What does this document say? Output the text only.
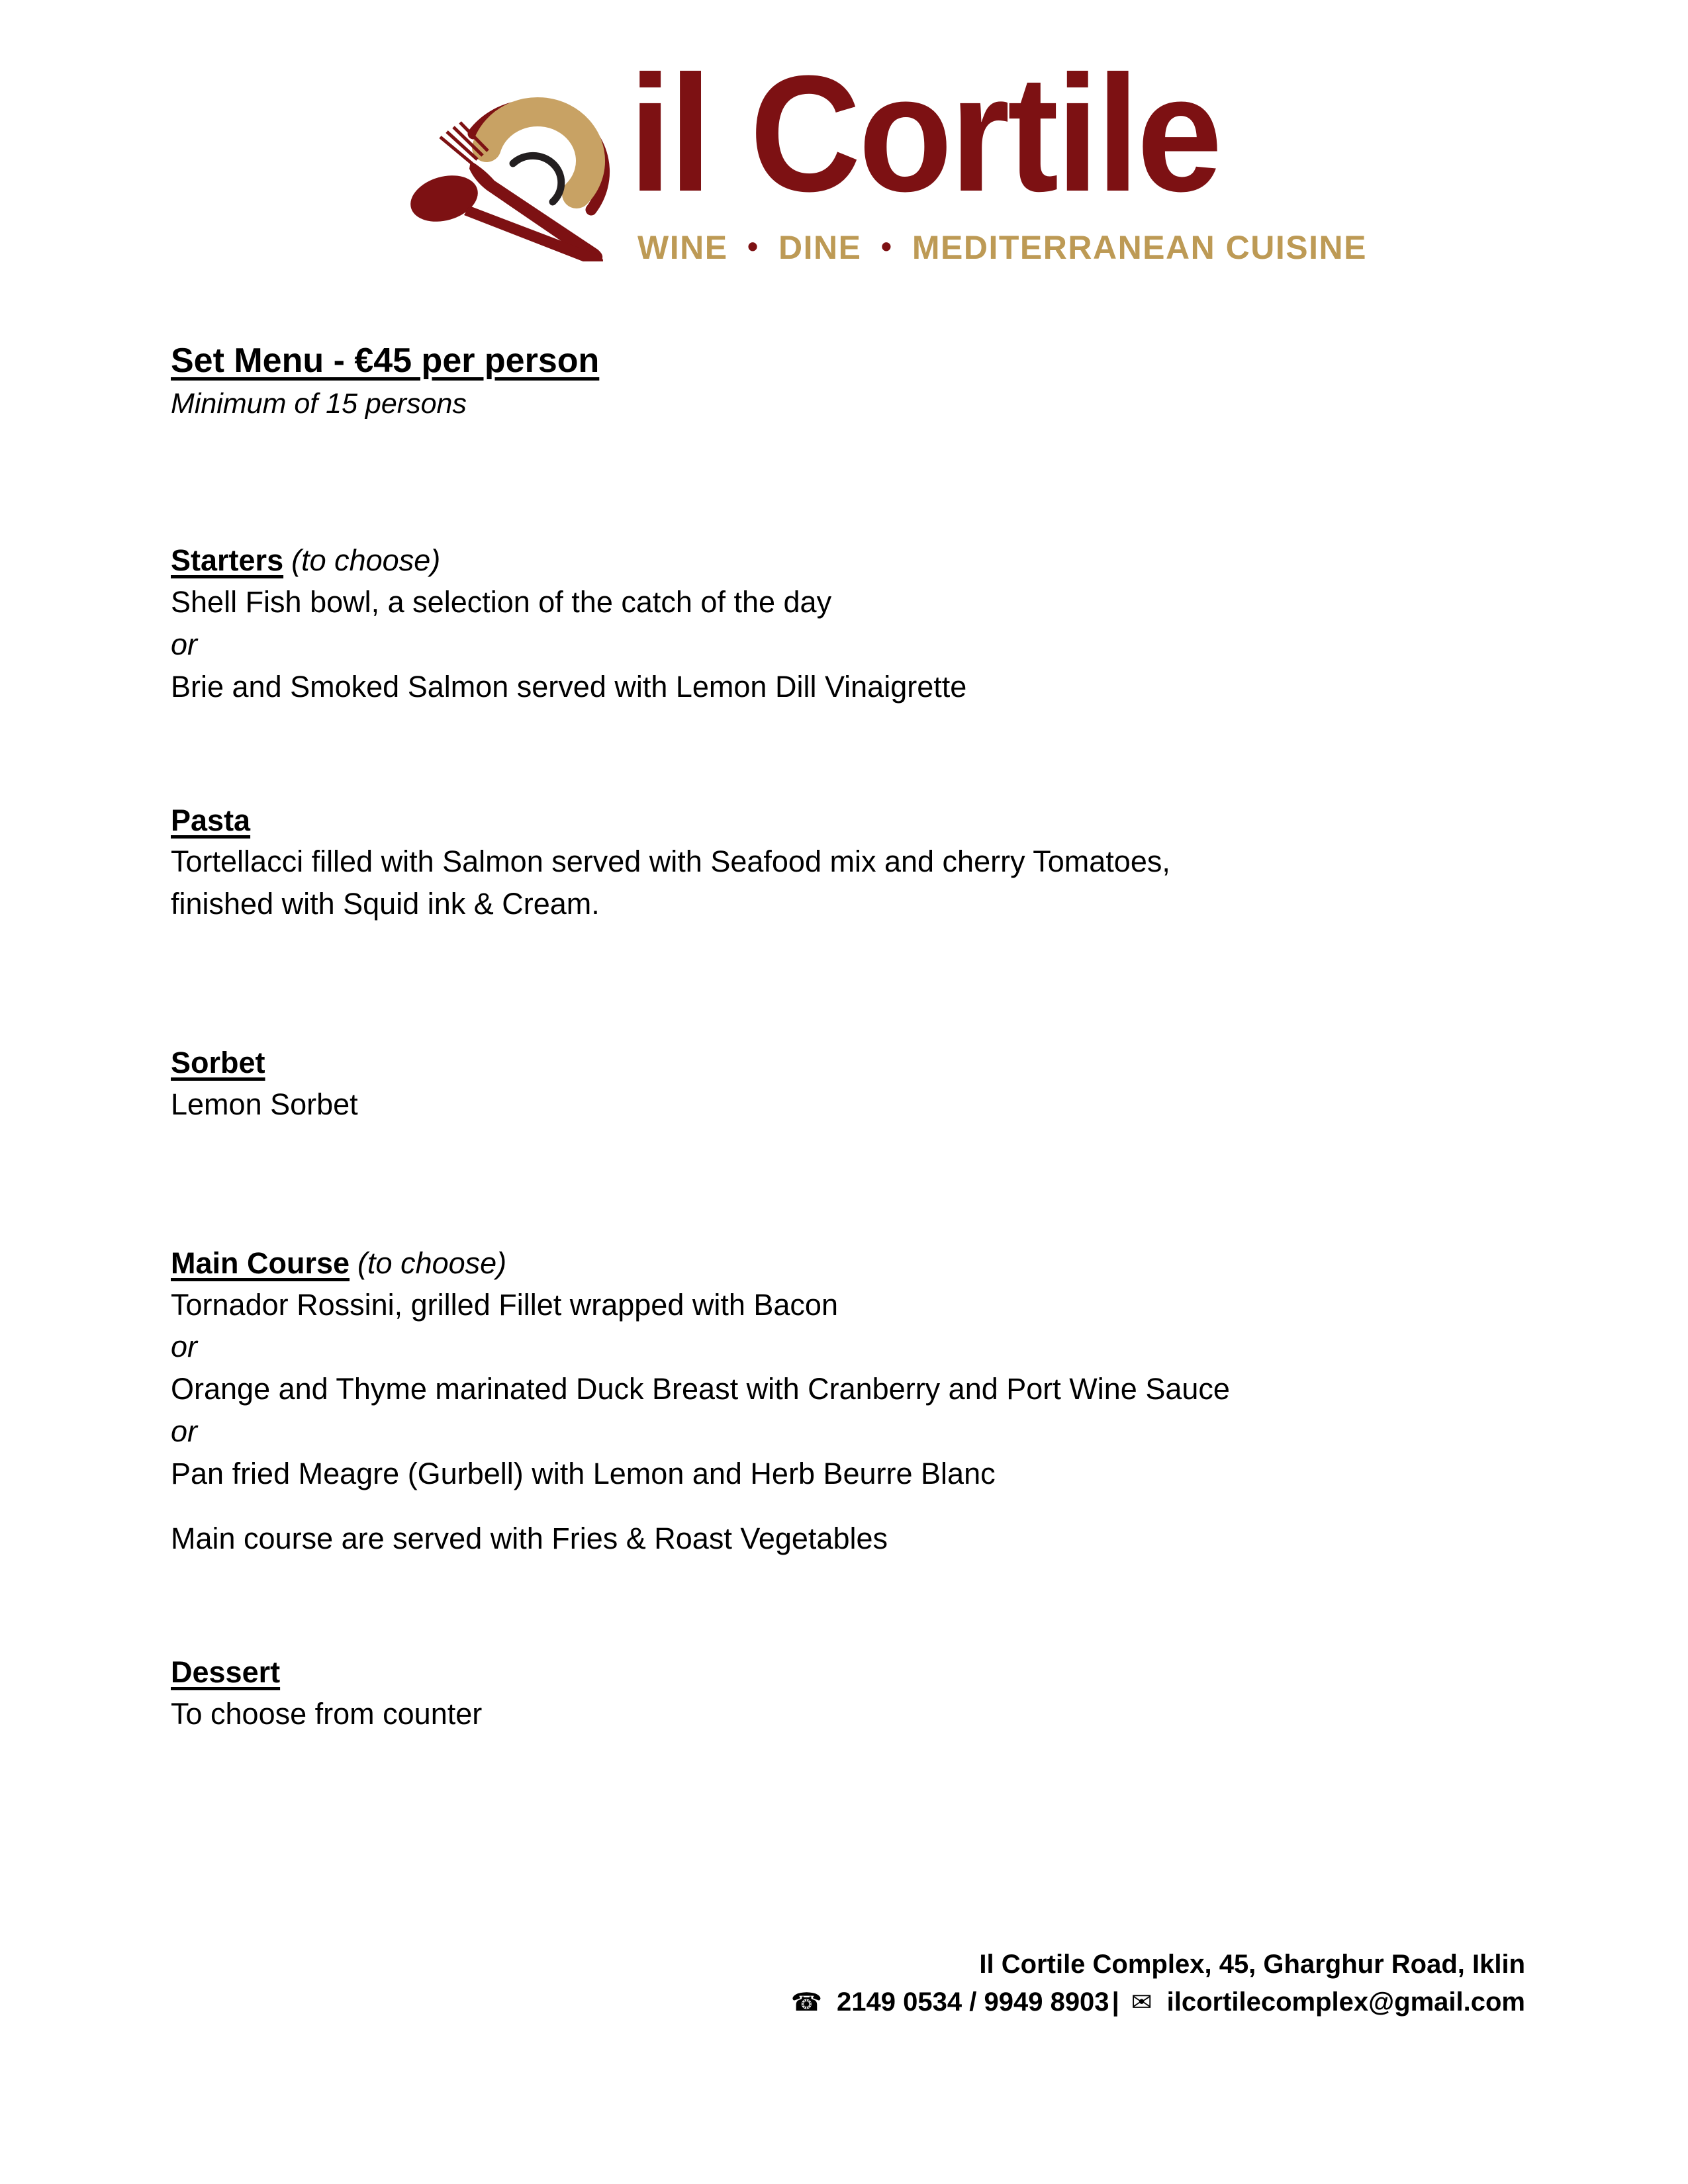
il Cortile
WINE • DINE • MEDITERRANEAN CUISINE
Set Menu - €45 per person

Minimum of 15 persons

Starters (to choose)

Shell Fish bowl, a selection of the catch of the day

or

Brie and Smoked Salmon served with Lemon Dill Vinaigrette

Pasta

Tortellacci filled with Salmon served with Seafood mix and cherry Tomatoes,

finished with Squid ink & Cream.

Sorbet

Lemon Sorbet

Main Course (to choose)

Tornador Rossini, grilled Fillet wrapped with Bacon

or

Orange and Thyme marinated Duck Breast with Cranberry and Port Wine Sauce

or

Pan fried Meagre (Gurbell) with Lemon and Herb Beurre Blanc

Main course are served with Fries & Roast Vegetables

Dessert

To choose from counter

Il Cortile Complex, 45, Gharghur Road, Iklin

☎ 2149 0534 / 9949 8903 | ✉ ilcortilecomplex@gmail.com
